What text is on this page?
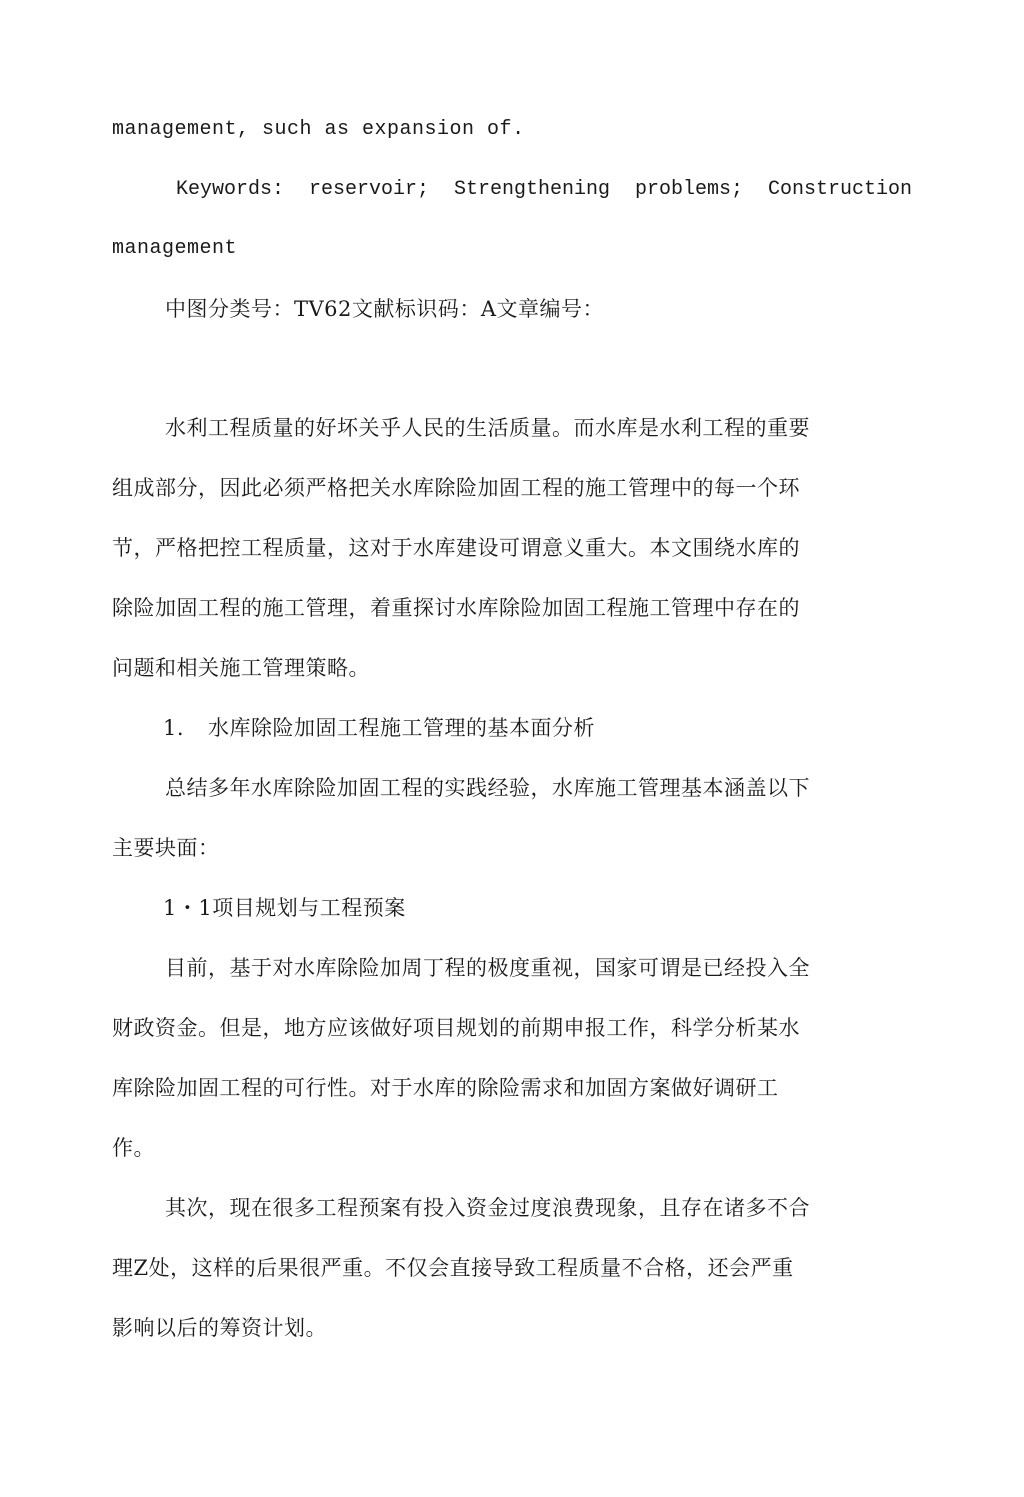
management, such as expansion of.
Keywords: reservoir; Strengthening problems; Construction
management
中图分类号：TV62文献标识码：A文章编号：
水利工程质量的好坏关乎人民的生活质量。而水库是水利工程的重要
组成部分，因此必须严格把关水库除险加固工程的施工管理中的每一个环
节，严格把控工程质量，这对于水库建设可谓意义重大。本文围绕水库的
除险加固工程的施工管理，着重探讨水库除险加固工程施工管理中存在的
问题和相关施工管理策略。
1. 水库除险加固工程施工管理的基本面分析
总结多年水库除险加固工程的实践经验，水库施工管理基本涵盖以下
主要块面：
1・1项目规划与工程预案
目前，基于对水库除险加周丁程的极度重视，国家可谓是已经投入全
财政资金。但是，地方应该做好项目规划的前期申报工作，科学分析某水
库除险加固工程的可行性。对于水库的除险需求和加固方案做好调研工
作。
其次，现在很多工程预案有投入资金过度浪费现象，且存在诸多不合
理Z处，这样的后果很严重。不仅会直接导致工程质量不合格，还会严重
影响以后的筹资计划。
